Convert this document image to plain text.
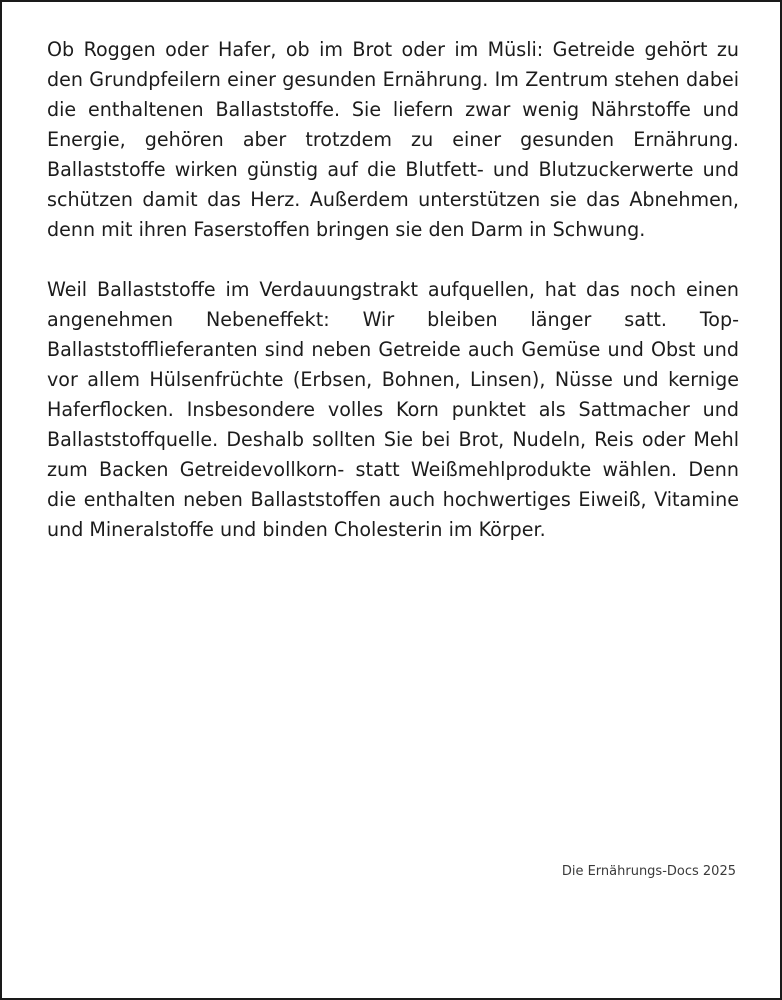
Ob Roggen oder Hafer, ob im Brot oder im Müsli: Getreide gehört zu den Grundpfeilern einer gesunden Ernährung. Im Zentrum stehen dabei die enthaltenen Ballaststoffe. Sie liefern zwar wenig Nährstoffe und Energie, gehören aber trotzdem zu einer gesunden Ernährung. Ballaststoffe wirken günstig auf die Blutfett- und Blutzuckerwerte und schützen damit das Herz. Außerdem unterstützen sie das Abnehmen, denn mit ihren Faserstoffen bringen sie den Darm in Schwung.

Weil Ballaststoffe im Verdauungstrakt aufquellen, hat das noch einen angenehmen Nebeneffekt: Wir bleiben länger satt. Top-Ballaststofflieferanten sind neben Getreide auch Gemüse und Obst und vor allem Hülsenfrüchte (Erbsen, Bohnen, Linsen), Nüsse und kernige Haferflocken. Insbesondere volles Korn punktet als Sattmacher und Ballaststoffquelle. Deshalb sollten Sie bei Brot, Nudeln, Reis oder Mehl zum Backen Getreidevollkorn- statt Weißmehlprodukte wählen. Denn die enthalten neben Ballaststoffen auch hochwertiges Eiweiß, Vitamine und Mineralstoffe und binden Cholesterin im Körper.

Die Ernährungs-Docs 2025
